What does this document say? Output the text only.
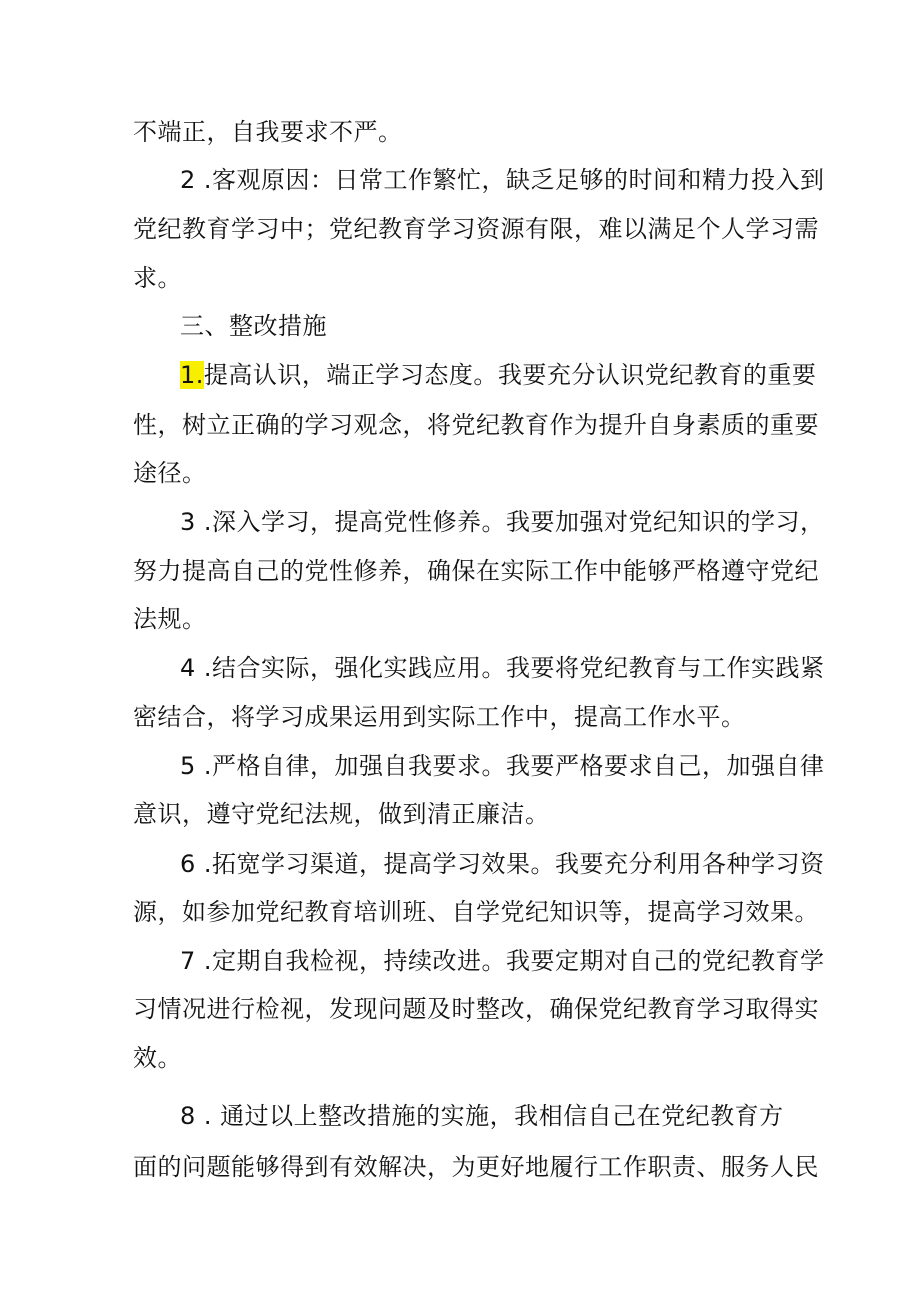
不端正，自我要求不严。
2 .客观原因：日常工作繁忙，缺乏足够的时间和精力投入到
党纪教育学习中；党纪教育学习资源有限，难以满足个人学习需
求。
三、整改措施
1.提高认识，端正学习态度。我要充分认识党纪教育的重要
性，树立正确的学习观念，将党纪教育作为提升自身素质的重要
途径。
3 .深入学习，提高党性修养。我要加强对党纪知识的学习，
努力提高自己的党性修养，确保在实际工作中能够严格遵守党纪
法规。
4 .结合实际，强化实践应用。我要将党纪教育与工作实践紧
密结合，将学习成果运用到实际工作中，提高工作水平。
5 .严格自律，加强自我要求。我要严格要求自己，加强自律
意识，遵守党纪法规，做到清正廉洁。
6 .拓宽学习渠道，提高学习效果。我要充分利用各种学习资
源，如参加党纪教育培训班、自学党纪知识等，提高学习效果。
7 .定期自我检视，持续改进。我要定期对自己的党纪教育学
习情况进行检视，发现问题及时整改，确保党纪教育学习取得实
效。
8 . 通过以上整改措施的实施，我相信自己在党纪教育方
面的问题能够得到有效解决，为更好地履行工作职责、服务人民
